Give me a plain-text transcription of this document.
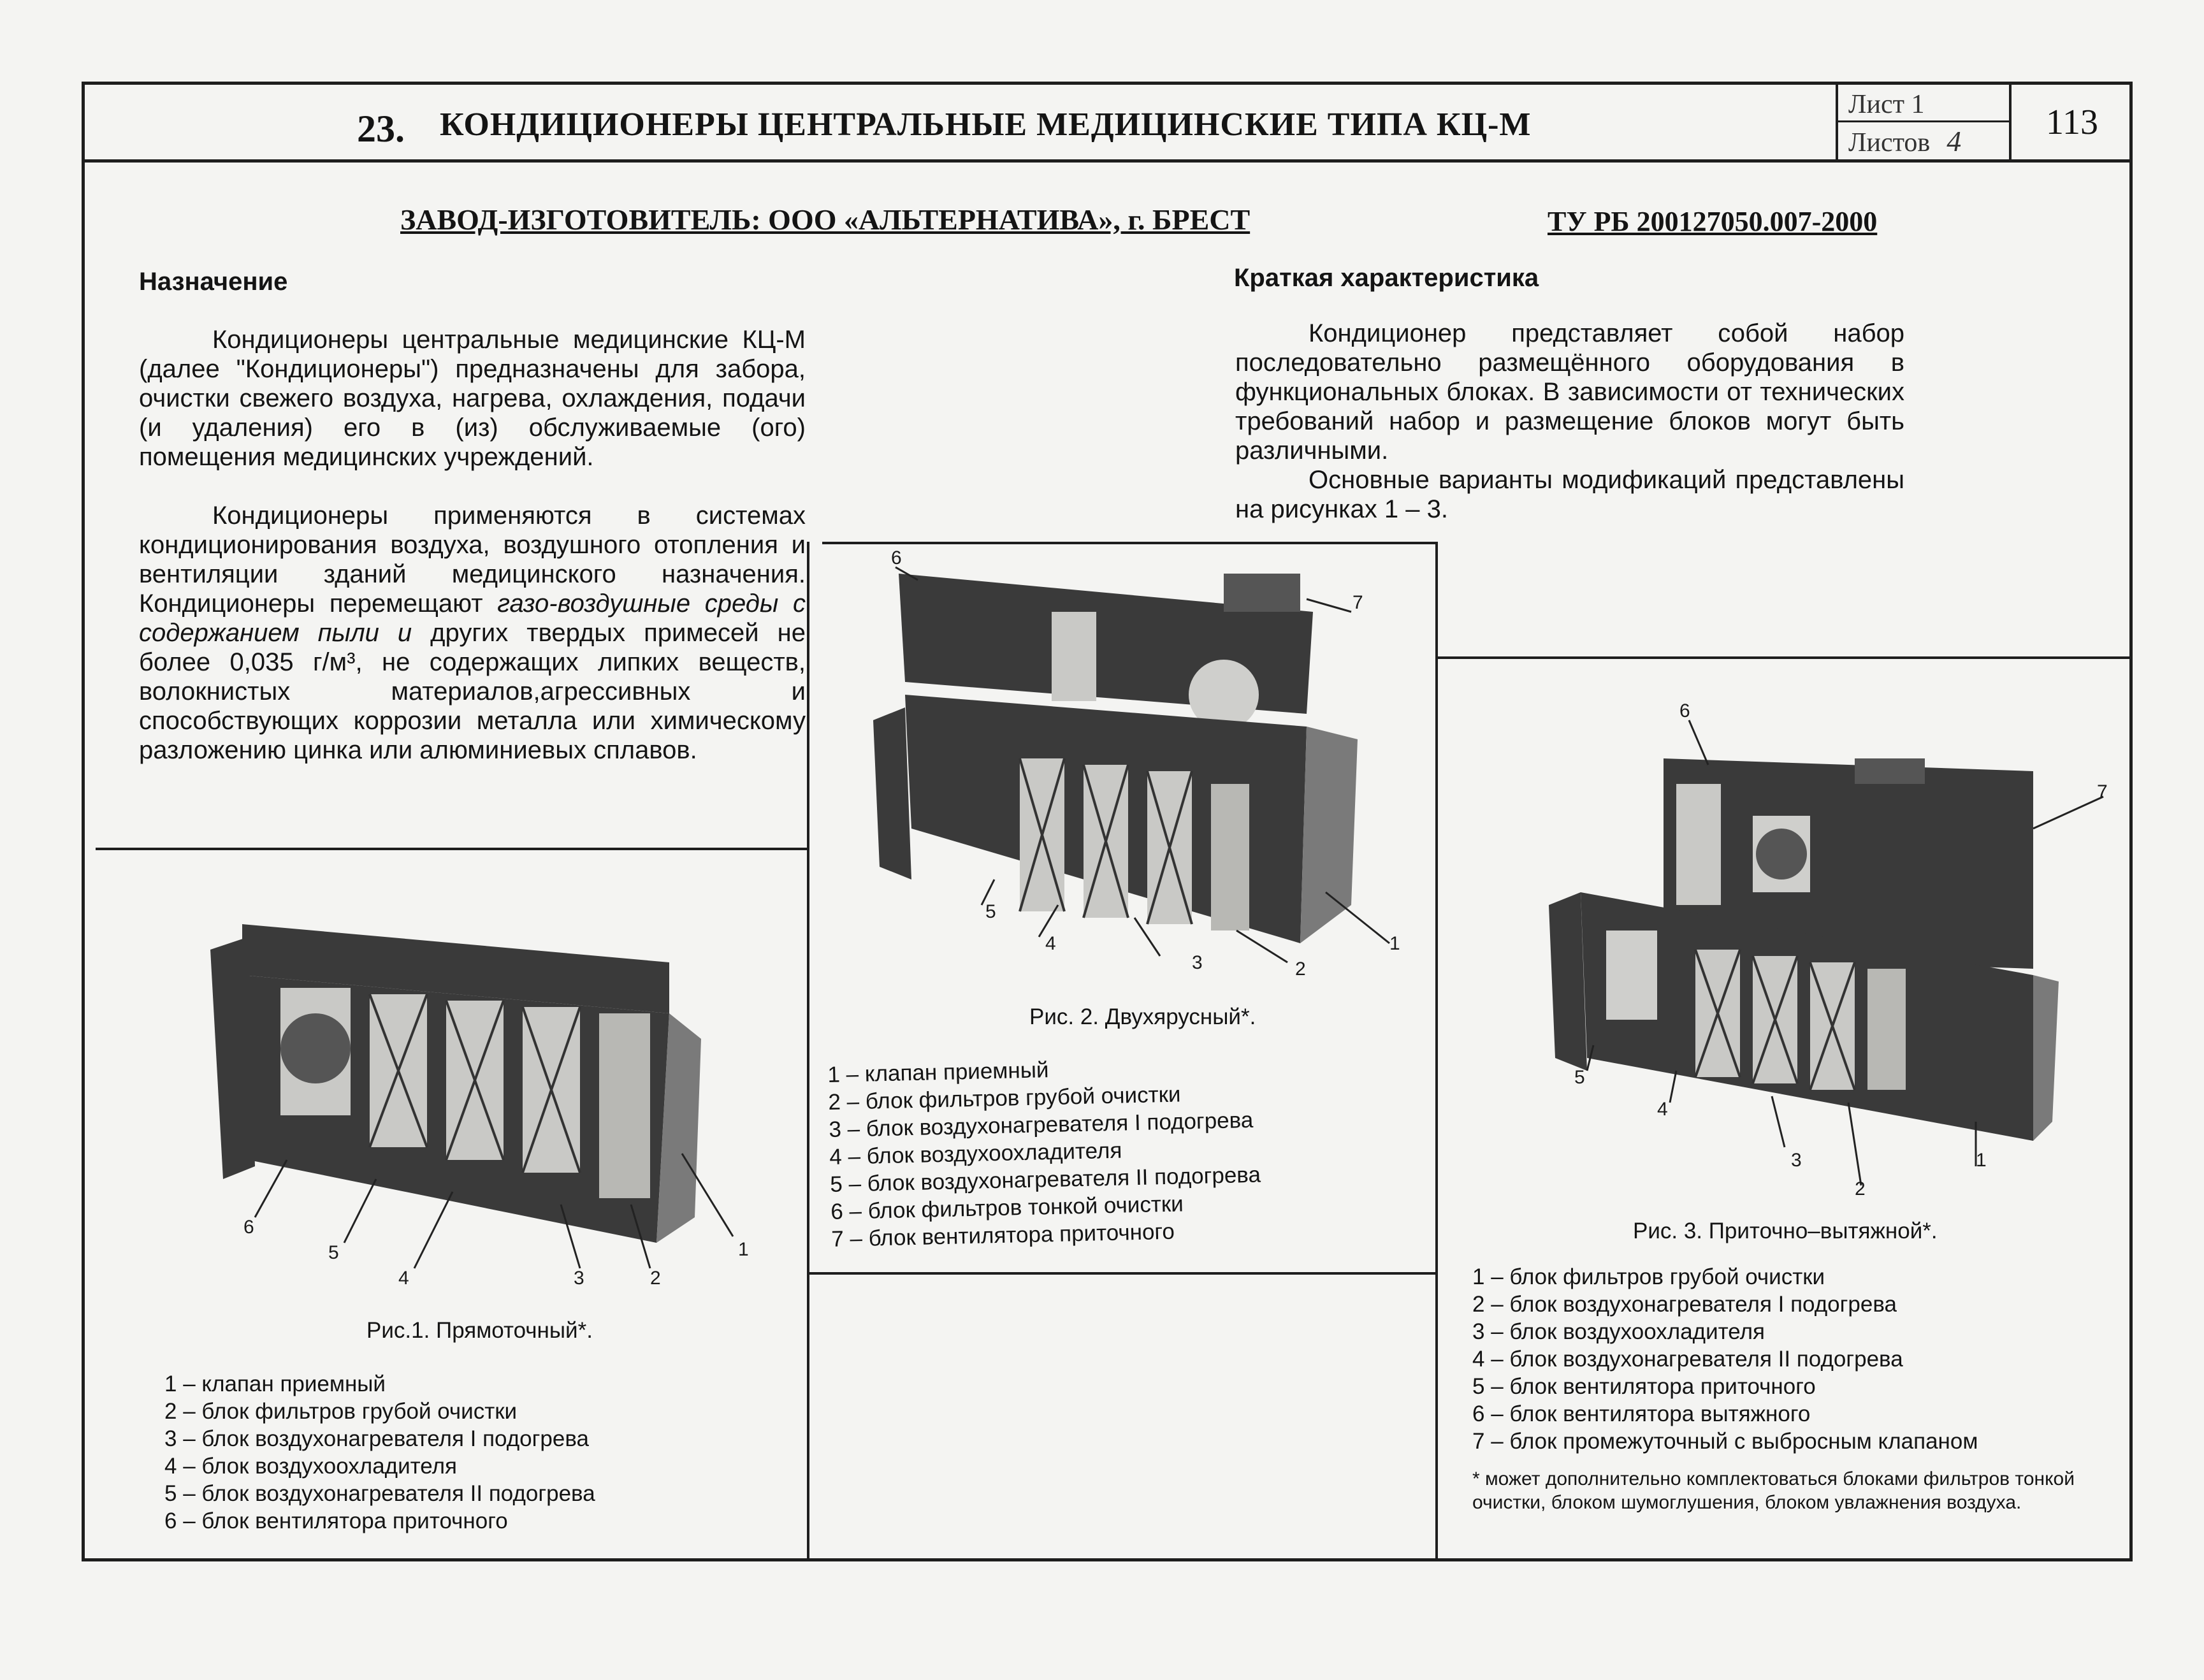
23. КОНДИЦИОНЕРЫ ЦЕНТРАЛЬНЫЕ МЕДИЦИНСКИЕ ТИПА КЦ-М
Лист 1
Листов 4	113
ЗАВОД-ИЗГОТОВИТЕЛЬ: ООО «АЛЬТЕРНАТИВА», г. БРЕСТ	ТУ РБ 200127050.007-2000
Назначение
Кондиционеры центральные медицинские КЦ-М (далее "Кондиционеры") предназначены для забора, очистки свежего воздуха, нагрева, охлаждения, подачи (и удаления) его в (из) обслуживаемые (ого) помещения медицинских учреждений.
Кондиционеры применяются в системах кондиционирования воздуха, воздушного отопления и вентиляции зданий медицинского назначения. Кондиционеры перемещают газо-воздушные среды с содержанием пыли и других твердых примесей не более 0,035 г/м³, не содержащих липких веществ, волокнистых материалов,агрессивных и способствующих коррозии металла или химическому разложению цинка или алюминиевых сплавов.
Краткая характеристика
Кондиционер представляет собой набор последовательно размещённого оборудования в функциональных блоках. В зависимости от технических требований набор и размещение блоков могут быть различными.
Основные варианты модификаций представлены на рисунках 1 – 3.
6
5
4	3	2
1
Рис.1. Прямоточный*.
1 – клапан приемный
2 – блок фильтров грубой очистки
3 – блок воздухонагревателя I подогрева
4 – блок воздухоохладителя
5 – блок воздухонагревателя II подогрева
6 – блок вентилятора приточного
6
7
5
4
3	2
1
Рис. 2. Двухярусный*.
1 – клапан приемный
2 – блок фильтров грубой очистки
3 – блок воздухонагревателя I подогрева
4 – блок воздухоохладителя
5 – блок воздухонагревателя II подогрева
6 – блок фильтров тонкой очистки
7 – блок вентилятора приточного
6
7
5
4
3
2
1
Рис. 3. Приточно–вытяжной*.
1 – блок фильтров грубой очистки
2 – блок воздухонагревателя I подогрева
3 – блок воздухоохладителя
4 – блок воздухонагревателя II подогрева
5 – блок вентилятора приточного
6 – блок вентилятора вытяжного
7 – блок промежуточный с выбросным клапаном
* может дополнительно комплектоваться блоками фильтров тонкой очистки, блоком шумоглушения, блоком увлажнения воздуха.
